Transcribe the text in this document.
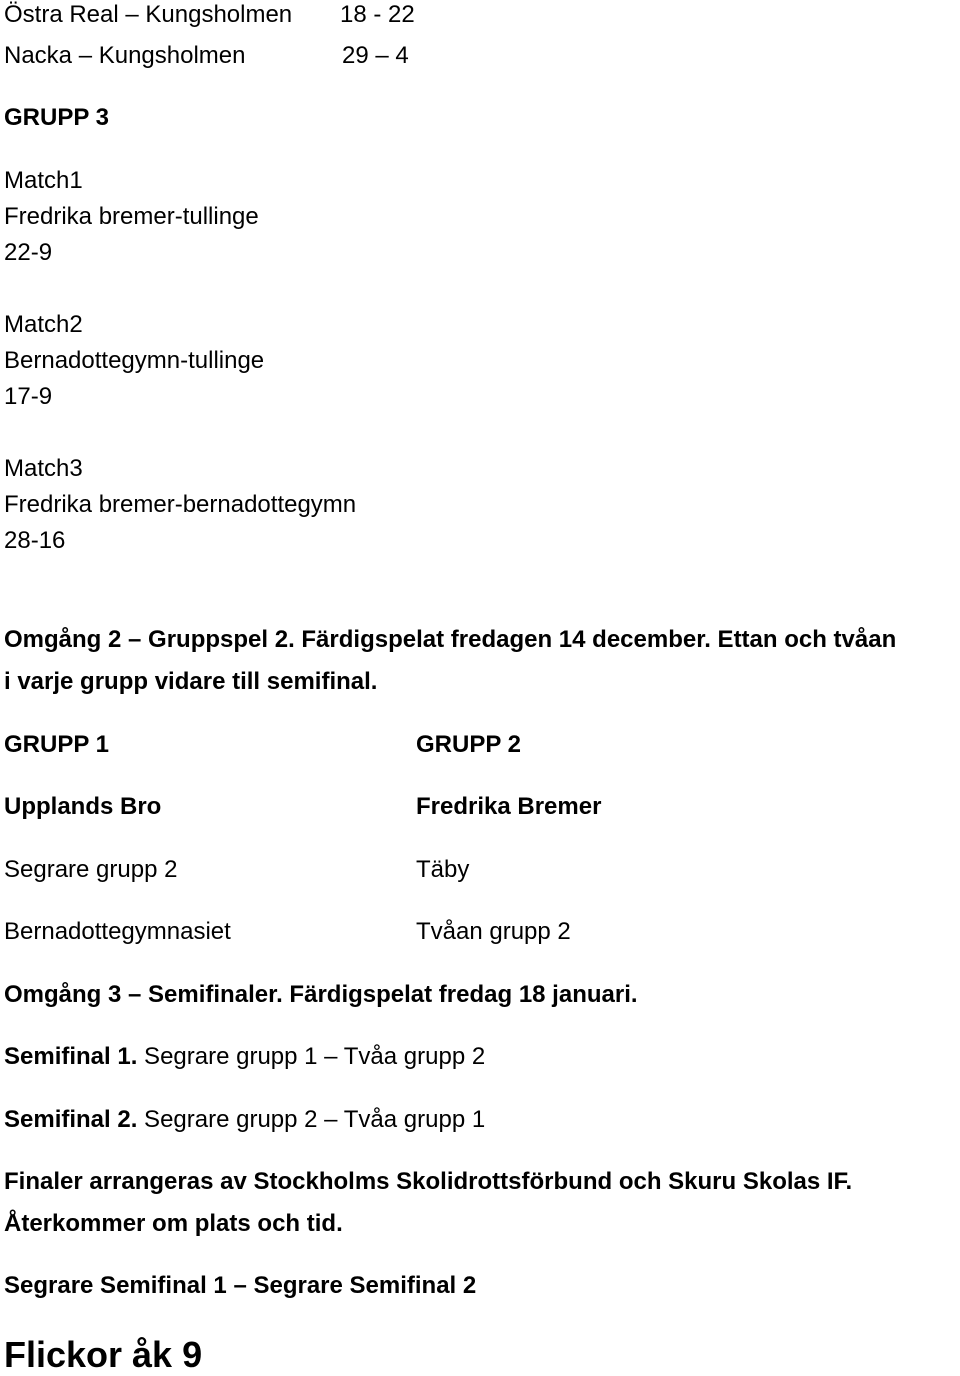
Östra Real – Kungsholmen 18 - 22
Nacka – Kungsholmen	29 – 4
GRUPP 3
Match1
Fredrika bremer-tullinge
22-9
Match2
Bernadottegymn-tullinge
17-9
Match3
Fredrika bremer-bernadottegymn
28-16
Omgång 2 – Gruppspel 2. Färdigspelat fredagen 14 december. Ettan och tvåan
i varje grupp vidare till semifinal.
GRUPP 1	GRUPP 2
Upplands Bro	Fredrika Bremer
Segrare grupp 2	Täby
Bernadottegymnasiet	Tvåan grupp 2
Omgång 3 – Semifinaler. Färdigspelat fredag 18 januari.
Semifinal 1. Segrare grupp 1 – Tvåa grupp 2
Semifinal 2. Segrare grupp 2 – Tvåa grupp 1
Finaler arrangeras av Stockholms Skolidrottsförbund och Skuru Skolas IF.
Återkommer om plats och tid.
Segrare Semifinal 1 – Segrare Semifinal 2
Flickor åk 9
